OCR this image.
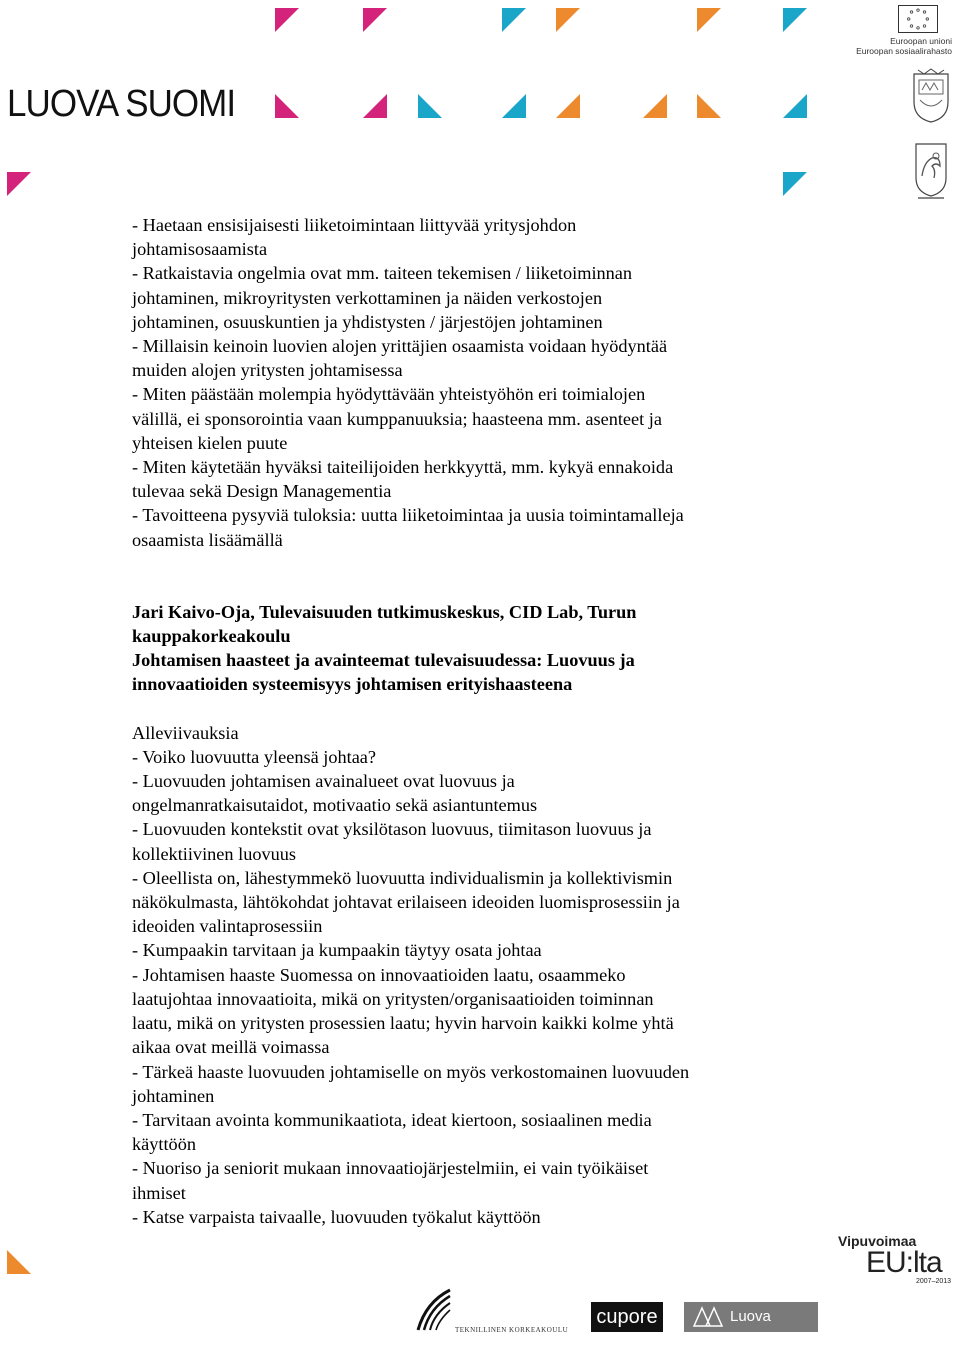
LUOVA SUOMI
Euroopan unioni
Euroopan sosiaalirahasto

- Haetaan ensisijaisesti liiketoimintaan liittyvää yritysjohdon

johtamisosaamista

- Ratkaistavia ongelmia ovat mm. taiteen tekemisen / liiketoiminnan

johtaminen, mikroyritysten verkottaminen ja näiden verkostojen

johtaminen, osuuskuntien ja yhdistysten / järjestöjen johtaminen

- Millaisin keinoin luovien alojen yrittäjien osaamista voidaan hyödyntää

muiden alojen yritysten johtamisessa

- Miten päästään molempia hyödyttävään yhteistyöhön eri toimialojen

välillä, ei sponsorointia vaan kumppanuuksia; haasteena mm. asenteet ja

yhteisen kielen puute

- Miten käytetään hyväksi taiteilijoiden herkkyyttä, mm. kykyä ennakoida

tulevaa sekä Design Managementia

- Tavoitteena pysyviä tuloksia: uutta liiketoimintaa ja uusia toimintamalleja

osaamista lisäämällä

Jari Kaivo-Oja, Tulevaisuuden tutkimuskeskus, CID Lab, Turun

kauppakorkeakoulu

Johtamisen haasteet ja avainteemat tulevaisuudessa: Luovuus ja

innovaatioiden systeemisyys johtamisen erityishaasteena

Alleviivauksia

- Voiko luovuutta yleensä johtaa?

- Luovuuden johtamisen avainalueet ovat luovuus ja

ongelmanratkaisutaidot, motivaatio sekä asiantuntemus

- Luovuuden kontekstit ovat yksilötason luovuus, tiimitason luovuus ja

kollektiivinen luovuus

- Oleellista on, lähestymmekö luovuutta individualismin ja kollektivismin

näkökulmasta, lähtökohdat johtavat erilaiseen ideoiden luomisprosessiin ja

ideoiden valintaprosessiin

- Kumpaakin tarvitaan ja kumpaakin täytyy osata johtaa

- Johtamisen haaste Suomessa on innovaatioiden laatu, osaammeko

laatujohtaa innovaatioita, mikä on yritysten/organisaatioiden toiminnan

laatu, mikä on yritysten prosessien laatu; hyvin harvoin kaikki kolme yhtä

aikaa ovat meillä voimassa

- Tärkeä haaste luovuuden johtamiselle on myös verkostomainen luovuuden

johtaminen

- Tarvitaan avointa kommunikaatiota, ideat kiertoon, sosiaalinen media

käyttöön

- Nuoriso ja seniorit mukaan innovaatiojärjestelmiin, ei vain työikäiset

ihmiset

- Katse varpaista taivaalle, luovuuden työkalut käyttöön

Vipuvoimaa
EU:lta
2007–2013
TEKNILLINEN KORKEAKOULU
cupore	Luova Tampere
